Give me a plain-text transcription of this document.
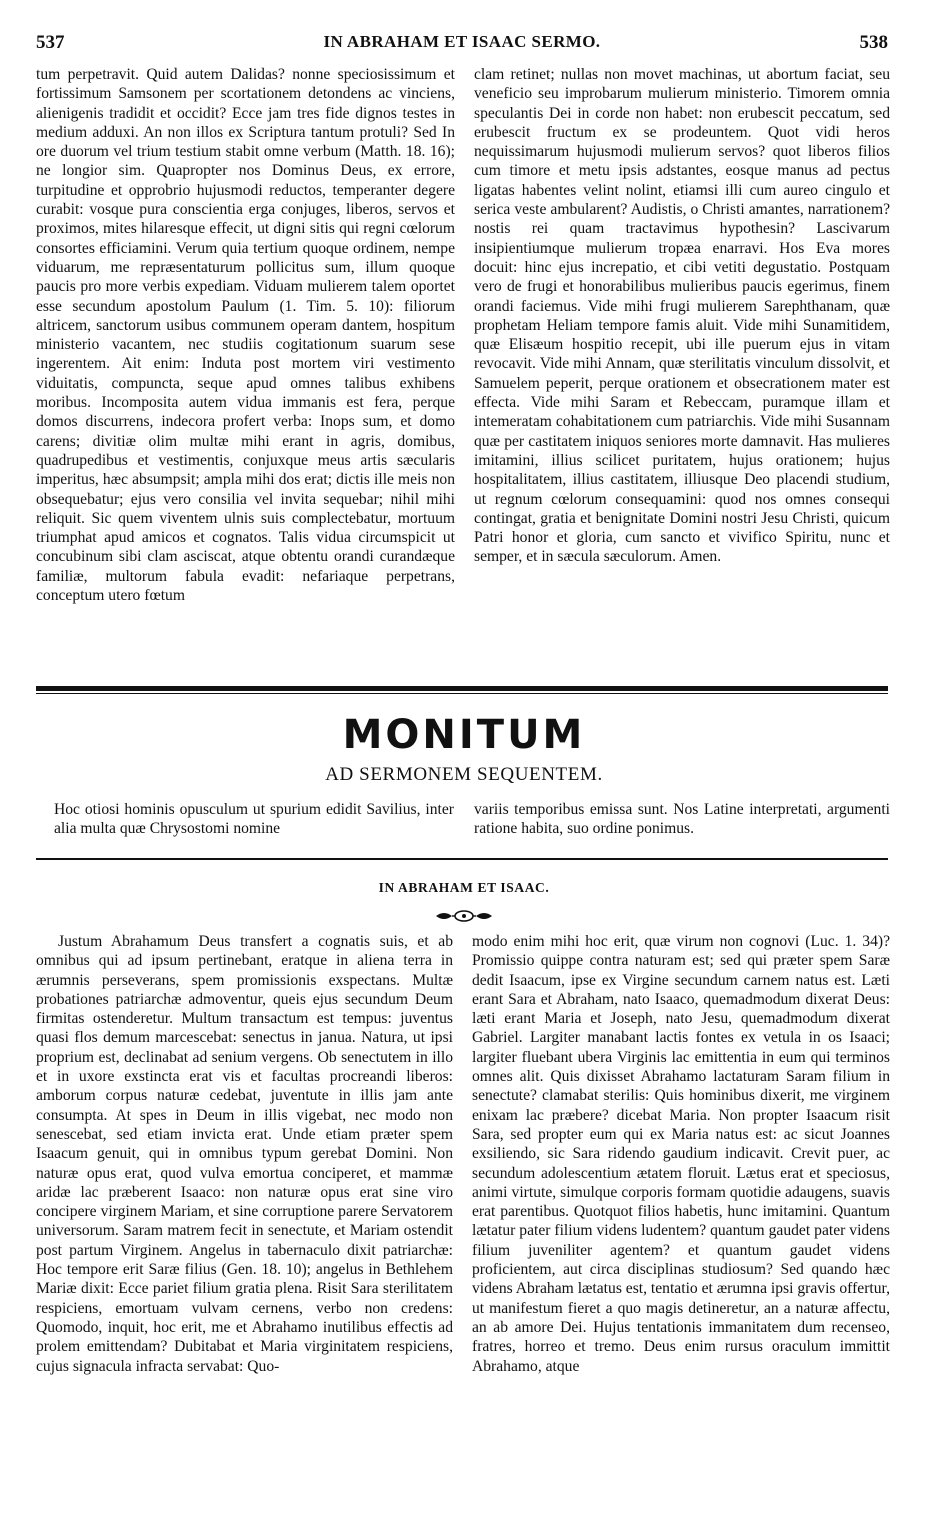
537	IN ABRAHAM ET ISAAC SERMO.	538

tum perpetravit. Quid autem Dalidas? nonne speciosissimum et fortissimum Samsonem per scortationem detondens ac vinciens, alienigenis tradidit et occidit? Ecce jam tres fide dignos testes in medium adduxi. An non illos ex Scriptura tantum protuli? Sed In ore duorum vel trium testium stabit omne verbum (Matth. 18. 16); ne longior sim. Quapropter nos Dominus Deus, ex errore, turpitudine et opprobrio hujusmodi reductos, temperanter degere curabit: vosque pura conscientia erga conjuges, liberos, servos et proximos, mites hilaresque effecit, ut digni sitis qui regni cœlorum consortes efficiamini. Verum quia tertium quoque ordinem, nempe viduarum, me repræsentaturum pollicitus sum, illum quoque paucis pro more verbis expediam. Viduam mulierem talem oportet esse secundum apostolum Paulum (1. Tim. 5. 10): filiorum altricem, sanctorum usibus communem operam dantem, hospitum ministerio vacantem, nec studiis cogitationum suarum sese ingerentem. Ait enim: Induta post mortem viri vestimento viduitatis, compuncta, seque apud omnes talibus exhibens moribus. Incomposita autem vidua immanis est fera, perque domos discurrens, indecora profert verba: Inops sum, et domo carens; divitiæ olim multæ mihi erant in agris, domibus, quadrupedibus et vestimentis, conjuxque meus artis sæcularis imperitus, hæc absumpsit; ampla mihi dos erat; dictis ille meis non obsequebatur; ejus vero consilia vel invita sequebar; nihil mihi reliquit. Sic quem viventem ulnis suis complectebatur, mortuum triumphat apud amicos et cognatos. Talis vidua circumspicit ut concubinum sibi clam asciscat, atque obtentu orandi curandæque familiæ, multorum fabula evadit: nefariaque perpetrans, conceptum utero fœtum

clam retinet; nullas non movet machinas, ut abortum faciat, seu veneficio seu improbarum mulierum ministerio. Timorem omnia speculantis Dei in corde non habet: non erubescit peccatum, sed erubescit fructum ex se prodeuntem. Quot vidi heros nequissimarum hujusmodi mulierum servos? quot liberos filios cum timore et metu ipsis adstantes, eosque manus ad pectus ligatas habentes velint nolint, etiamsi illi cum aureo cingulo et serica veste ambularent? Audistis, o Christi amantes, narrationem? nostis rei quam tractavimus hypothesin? Lascivarum insipientiumque mulierum tropæa enarravi. Hos Eva mores docuit: hinc ejus increpatio, et cibi vetiti degustatio. Postquam vero de frugi et honorabilibus mulieribus paucis egerimus, finem orandi faciemus. Vide mihi frugi mulierem Sarephthanam, quæ prophetam Heliam tempore famis aluit. Vide mihi Sunamitidem, quæ Elisæum hospitio recepit, ubi ille puerum ejus in vitam revocavit. Vide mihi Annam, quæ sterilitatis vinculum dissolvit, et Samuelem peperit, perque orationem et obsecrationem mater est effecta. Vide mihi Saram et Rebeccam, puramque illam et intemeratam cohabitationem cum patriarchis. Vide mihi Susannam quæ per castitatem iniquos seniores morte damnavit. Has mulieres imitamini, illius scilicet puritatem, hujus orationem; hujus hospitalitatem, illius castitatem, illiusque Deo placendi studium, ut regnum cœlorum consequamini: quod nos omnes consequi contingat, gratia et benignitate Domini nostri Jesu Christi, quicum Patri honor et gloria, cum sancto et vivifico Spiritu, nunc et semper, et in sæcula sæculorum. Amen.

MONITUM
AD SERMONEM SEQUENTEM.

Hoc otiosi hominis opusculum ut spurium edidit Savilius, inter alia multa quæ Chrysostomi nomine

variis temporibus emissa sunt. Nos Latine interpretati, argumenti ratione habita, suo ordine ponimus.

IN ABRAHAM ET ISAAC.

Justum Abrahamum Deus transfert a cognatis suis, et ab omnibus qui ad ipsum pertinebant, eratque in aliena terra in ærumnis perseverans, spem promissionis exspectans. Multæ probationes patriarchæ admoventur, queis ejus secundum Deum firmitas ostenderetur. Multum transactum est tempus: juventus quasi flos demum marcescebat: senectus in janua. Natura, ut ipsi proprium est, declinabat ad senium vergens. Ob senectutem in illo et in uxore exstincta erat vis et facultas procreandi liberos: amborum corpus naturæ cedebat, juventute in illis jam ante consumpta. At spes in Deum in illis vigebat, nec modo non senescebat, sed etiam invicta erat. Unde etiam præter spem Isaacum genuit, qui in omnibus typum gerebat Domini. Non naturæ opus erat, quod vulva emortua conciperet, et mammæ aridæ lac præberent Isaaco: non naturæ opus erat sine viro concipere virginem Mariam, et sine corruptione parere Servatorem universorum. Saram matrem fecit in senectute, et Mariam ostendit post partum Virginem. Angelus in tabernaculo dixit patriarchæ: Hoc tempore erit Saræ filius (Gen. 18. 10); angelus in Bethlehem Mariæ dixit: Ecce pariet filium gratia plena. Risit Sara sterilitatem respiciens, emortuam vulvam cernens, verbo non credens: Quomodo, inquit, hoc erit, me et Abrahamo inutilibus effectis ad prolem emittendam? Dubitabat et Maria virginitatem respiciens, cujus signacula infracta servabat: Quo-

modo enim mihi hoc erit, quæ virum non cognovi (Luc. 1. 34)? Promissio quippe contra naturam est; sed qui præter spem Saræ dedit Isaacum, ipse ex Virgine secundum carnem natus est. Læti erant Sara et Abraham, nato Isaaco, quemadmodum dixerat Deus: læti erant Maria et Joseph, nato Jesu, quemadmodum dixerat Gabriel. Largiter manabant lactis fontes ex vetula in os Isaaci; largiter fluebant ubera Virginis lac emittentia in eum qui terminos omnes alit. Quis dixisset Abrahamo lactaturam Saram filium in senectute? clamabat sterilis: Quis hominibus dixerit, me virginem enixam lac præbere? dicebat Maria. Non propter Isaacum risit Sara, sed propter eum qui ex Maria natus est: ac sicut Joannes exsiliendo, sic Sara ridendo gaudium indicavit. Crevit puer, ac secundum adolescentium ætatem floruit. Lætus erat et speciosus, animi virtute, simulque corporis formam quotidie adaugens, suavis erat parentibus. Quotquot filios habetis, hunc imitamini. Quantum lætatur pater filium videns ludentem? quantum gaudet pater videns filium juveniliter agentem? et quantum gaudet videns proficientem, aut circa disciplinas studiosum? Sed quando hæc videns Abraham lætatus est, tentatio et ærumna ipsi gravis offertur, ut manifestum fieret a quo magis detineretur, an a naturæ affectu, an ab amore Dei. Hujus tentationis immanitatem dum recenseo, fratres, horreo et tremo. Deus enim rursus oraculum immittit Abrahamo, atque
